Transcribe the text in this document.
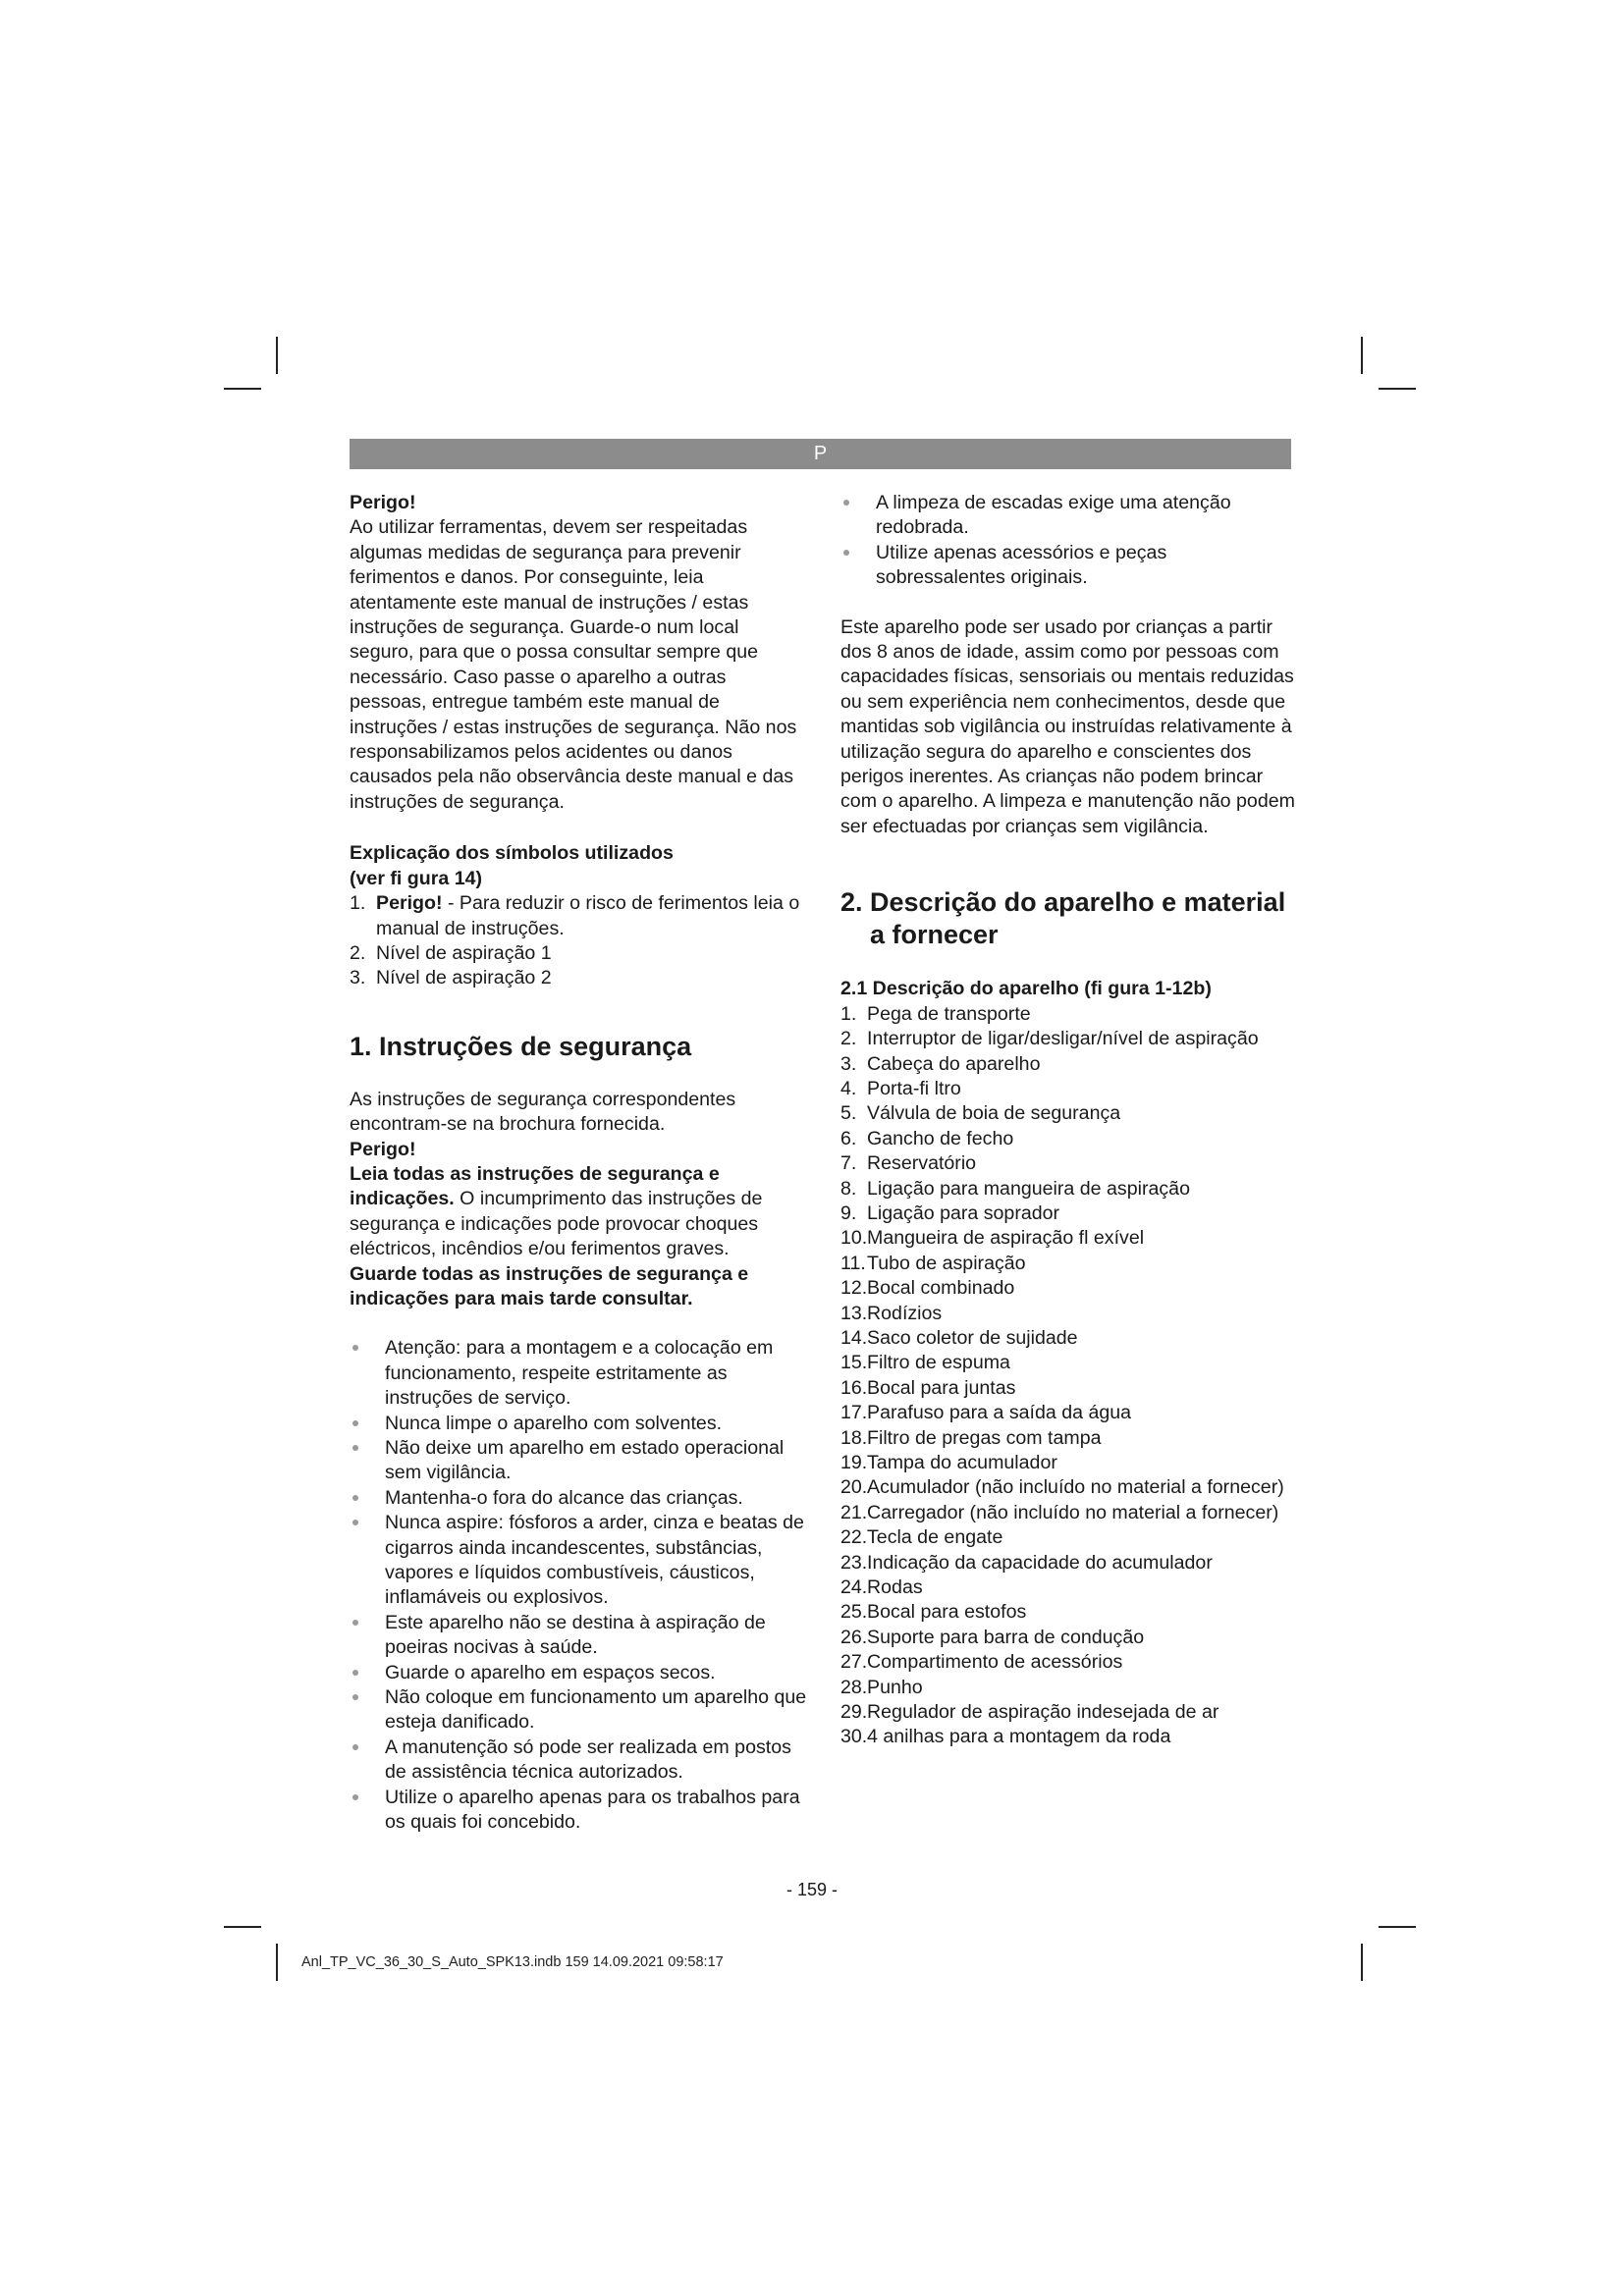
P

Perigo!

Ao utilizar ferramentas, devem ser respeitadas algumas medidas de segurança para prevenir ferimentos e danos. Por conseguinte, leia atentamente este manual de instruções / estas instruções de segurança. Guarde-o num local seguro, para que o possa consultar sempre que necessário. Caso passe o aparelho a outras pessoas, entregue também este manual de instruções / estas instruções de segurança. Não nos responsabilizamos pelos acidentes ou danos causados pela não observância deste manual e das instruções de segurança.

Explicação dos símbolos utilizados

(ver fi gura 14)

1. Perigo! - Para reduzir o risco de ferimentos leia o manual de instruções.
2. Nível de aspiração 1
3. Nível de aspiração 2
1. Instruções de segurança

As instruções de segurança correspondentes encontram-se na brochura fornecida.

Perigo!

Leia todas as instruções de segurança e indicações. O incumprimento das instruções de segurança e indicações pode provocar choques eléctricos, incêndios e/ou ferimentos graves.

Guarde todas as instruções de segurança e indicações para mais tarde consultar.

Atenção: para a montagem e a colocação em funcionamento, respeite estritamente as instruções de serviço.
Nunca limpe o aparelho com solventes.
Não deixe um aparelho em estado operacional sem vigilância.
Mantenha-o fora do alcance das crianças.
Nunca aspire: fósforos a arder, cinza e beatas de cigarros ainda incandescentes, substâncias, vapores e líquidos combustíveis, cáusticos, inflamáveis ou explosivos.
Este aparelho não se destina à aspiração de poeiras nocivas à saúde.
Guarde o aparelho em espaços secos.
Não coloque em funcionamento um aparelho que esteja danificado.
A manutenção só pode ser realizada em postos de assistência técnica autorizados.
Utilize o aparelho apenas para os trabalhos para os quais foi concebido.
A limpeza de escadas exige uma atenção redobrada.
Utilize apenas acessórios e peças sobressalentes originais.

Este aparelho pode ser usado por crianças a partir dos 8 anos de idade, assim como por pessoas com capacidades físicas, sensoriais ou mentais reduzidas ou sem experiência nem conhecimentos, desde que mantidas sob vigilância ou instruídas relativamente à utilização segura do aparelho e conscientes dos perigos inerentes. As crianças não podem brincar com o aparelho. A limpeza e manutenção não podem ser efectuadas por crianças sem vigilância.

2. Descrição do aparelho e material a fornecer

2.1 Descrição do aparelho (fi gura 1-12b)

1. Pega de transporte
2. Interruptor de ligar/desligar/nível de aspiração
3. Cabeça do aparelho
4. Porta-fi ltro
5. Válvula de boia de segurança
6. Gancho de fecho
7. Reservatório
8. Ligação para mangueira de aspiração
9. Ligação para soprador
10. Mangueira de aspiração fl exível
11. Tubo de aspiração
12. Bocal combinado
13. Rodízios
14. Saco coletor de sujidade
15. Filtro de espuma
16. Bocal para juntas
17. Parafuso para a saída da água
18. Filtro de pregas com tampa
19. Tampa do acumulador
20. Acumulador (não incluído no material a fornecer)
21. Carregador (não incluído no material a fornecer)
22. Tecla de engate
23. Indicação da capacidade do acumulador
24. Rodas
25. Bocal para estofos
26. Suporte para barra de condução
27. Compartimento de acessórios
28. Punho
29. Regulador de aspiração indesejada de ar
30. 4 anilhas para a montagem da roda
- 159 -
Anl_TP_VC_36_30_S_Auto_SPK13.indb 159 14.09.2021 09:58:17
